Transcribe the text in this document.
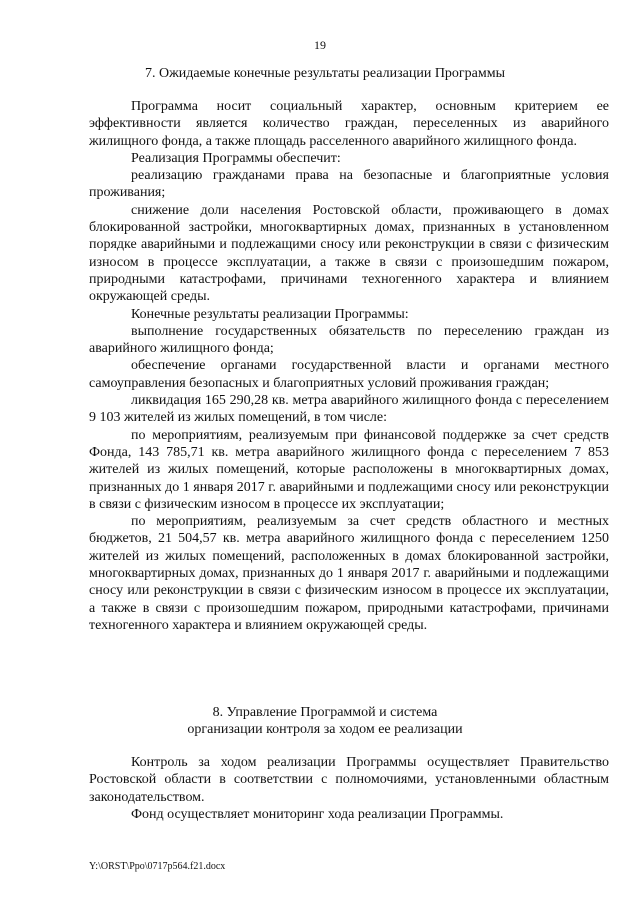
19
7. Ожидаемые конечные результаты реализации Программы

Программа носит социальный характер, основным критерием ее эффективности является количество граждан, переселенных из аварийного жилищного фонда, а также площадь расселенного аварийного жилищного фонда.

Реализация Программы обеспечит:

реализацию гражданами права на безопасные и благоприятные условия проживания;

снижение доли населения Ростовской области, проживающего в домах блокированной застройки, многоквартирных домах, признанных в установленном порядке аварийными и подлежащими сносу или реконструкции в связи с физическим износом в процессе эксплуатации, а также в связи с произошедшим пожаром, природными катастрофами, причинами техногенного характера и влиянием окружающей среды.

Конечные результаты реализации Программы:

выполнение государственных обязательств по переселению граждан из аварийного жилищного фонда;

обеспечение органами государственной власти и органами местного самоуправления безопасных и благоприятных условий проживания граждан;

ликвидация 165 290,28 кв. метра аварийного жилищного фонда с переселением 9 103 жителей из жилых помещений, в том числе:

по мероприятиям, реализуемым при финансовой поддержке за счет средств Фонда, 143 785,71 кв. метра аварийного жилищного фонда с переселением 7 853 жителей из жилых помещений, которые расположены в многоквартирных домах, признанных до 1 января 2017 г. аварийными и подлежащими сносу или реконструкции в связи с физическим износом в процессе их эксплуатации;

по мероприятиям, реализуемым за счет средств областного и местных бюджетов, 21 504,57 кв. метра аварийного жилищного фонда с переселением 1250 жителей из жилых помещений, расположенных в домах блокированной застройки, многоквартирных домах, признанных до 1 января 2017 г. аварийными и подлежащими сносу или реконструкции в связи с физическим износом в процессе их эксплуатации, а также в связи с произошедшим пожаром, природными катастрофами, причинами техногенного характера и влиянием окружающей среды.

8. Управление Программой и система
организации контроля за ходом ее реализации

Контроль за ходом реализации Программы осуществляет Правительство Ростовской области в соответствии с полномочиями, установленными областным законодательством.

Фонд осуществляет мониторинг хода реализации Программы.

Y:\ORST\Ppo\0717p564.f21.docx
